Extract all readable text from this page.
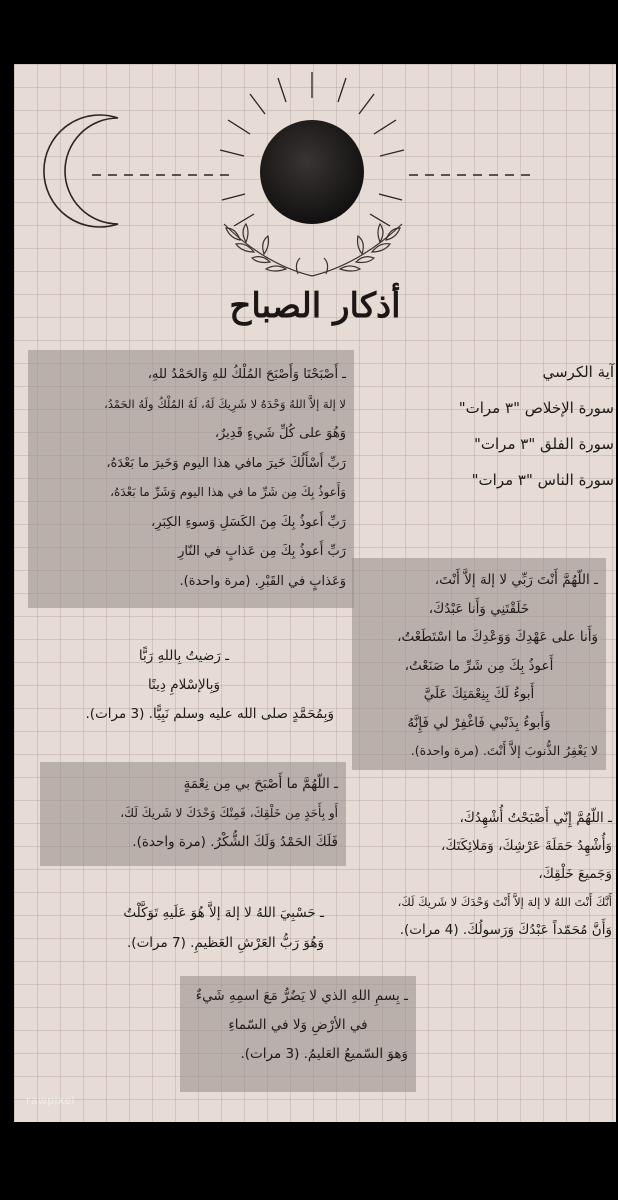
أذكار الصباح
ـ أَصْبَحْنَا وَأَصْبَحَ المُلْكُ للهِ وَالحَمْدُ للهِ،
لا إلهَ إلاَّ اللهُ وَحْدَهُ لا شَرِيكَ لَهُ، لَهُ المُلْكُ ولَهُ الحَمْدُ،
وَهُوَ على كُلِّ شَيءٍ قَدِيرٌ،
رَبِّ أَسْأَلُكَ خَيرَ مافي هذا اليوم وَخَيرَ ما بَعْدَهُ،
وَأَعوذُ بِكَ مِن شَرِّ ما في هذا اليوم وَشَرِّ ما بَعْدَهُ،
رَبِّ أَعوذُ بِكَ مِنَ الكَسَلِ وَسوءِ الكِبَرِ،
رَبِّ أَعوذُ بِكَ مِن عَذابٍ في النّارِ
وَعَذابٍ في القَبْرِ. (مرة واحدة).
آية الكرسي
سورة الإخلاص "٣ مرات"
سورة الفلق "٣ مرات"
سورة الناس "٣ مرات"
ـ اللّهُمَّ أَنْتَ رَبِّي لا إلهَ إلاَّ أَنْتَ،
خَلَقْتَنِي وَأَنا عَبْدُكَ،
وَأَنا على عَهْدِكَ وَوَعْدِكَ ما اسْتَطَعْتُ،
أَعوذُ بِكَ مِن شَرِّ ما صَنَعْتُ،
أَبوءُ لَكَ بِنِعْمَتِكَ عَلَيَّ
وَأَبوءُ بِذَنْبي فَاغْفِرْ لي فَإِنَّهُ
لا يَغْفِرُ الذُّنوبَ إلاَّ أَنْتَ. (مرة واحدة).
ـ رَضيتُ بِاللهِ رَبًّا
وَبِالإسْلامِ دِينًا
وَبِمُحَمَّدٍ صلى الله عليه وسلم نَبِيًّا. (3 مرات).
ـ اللّهُمَّ ما أَصْبَحَ بي مِن نِعْمَةٍ
أَو بِأَحَدٍ مِن خَلْقِكَ، فَمِنْكَ وَحْدَكَ لا شَريكَ لَكَ،
فَلَكَ الحَمْدُ وَلَكَ الشُّكْرُ. (مرة واحدة).
ـ اللّهُمَّ إِنّي أَصْبَحْتُ أُشْهِدُكَ،
وَأُشْهِدُ حَمَلَةَ عَرْشِكَ، وَمَلائِكَتَكَ،
وَجَميعَ خَلْقِكَ،
أَنَّكَ أَنْتَ اللهُ لا إلهَ إلاَّ أَنْتَ وَحْدَكَ لا شَريكَ لَكَ،
وَأَنَّ مُحَمّداً عَبْدُكَ وَرَسولُكَ. (4 مرات).
ـ حَسْبِيَ اللهُ لا إلهَ إلاَّ هُوَ عَلَيهِ تَوَكَّلْتُ
وَهُوَ رَبُّ العَرْشِ العَظيمِ. (7 مرات).
ـ بِسمِ اللهِ الذي لا يَضُرُّ مَعَ اسمِهِ شَيءٌ
في الأرْضِ وَلا في السّماءِ
وَهوَ السّميعُ العَليمُ. (3 مرات).
rawpixel
